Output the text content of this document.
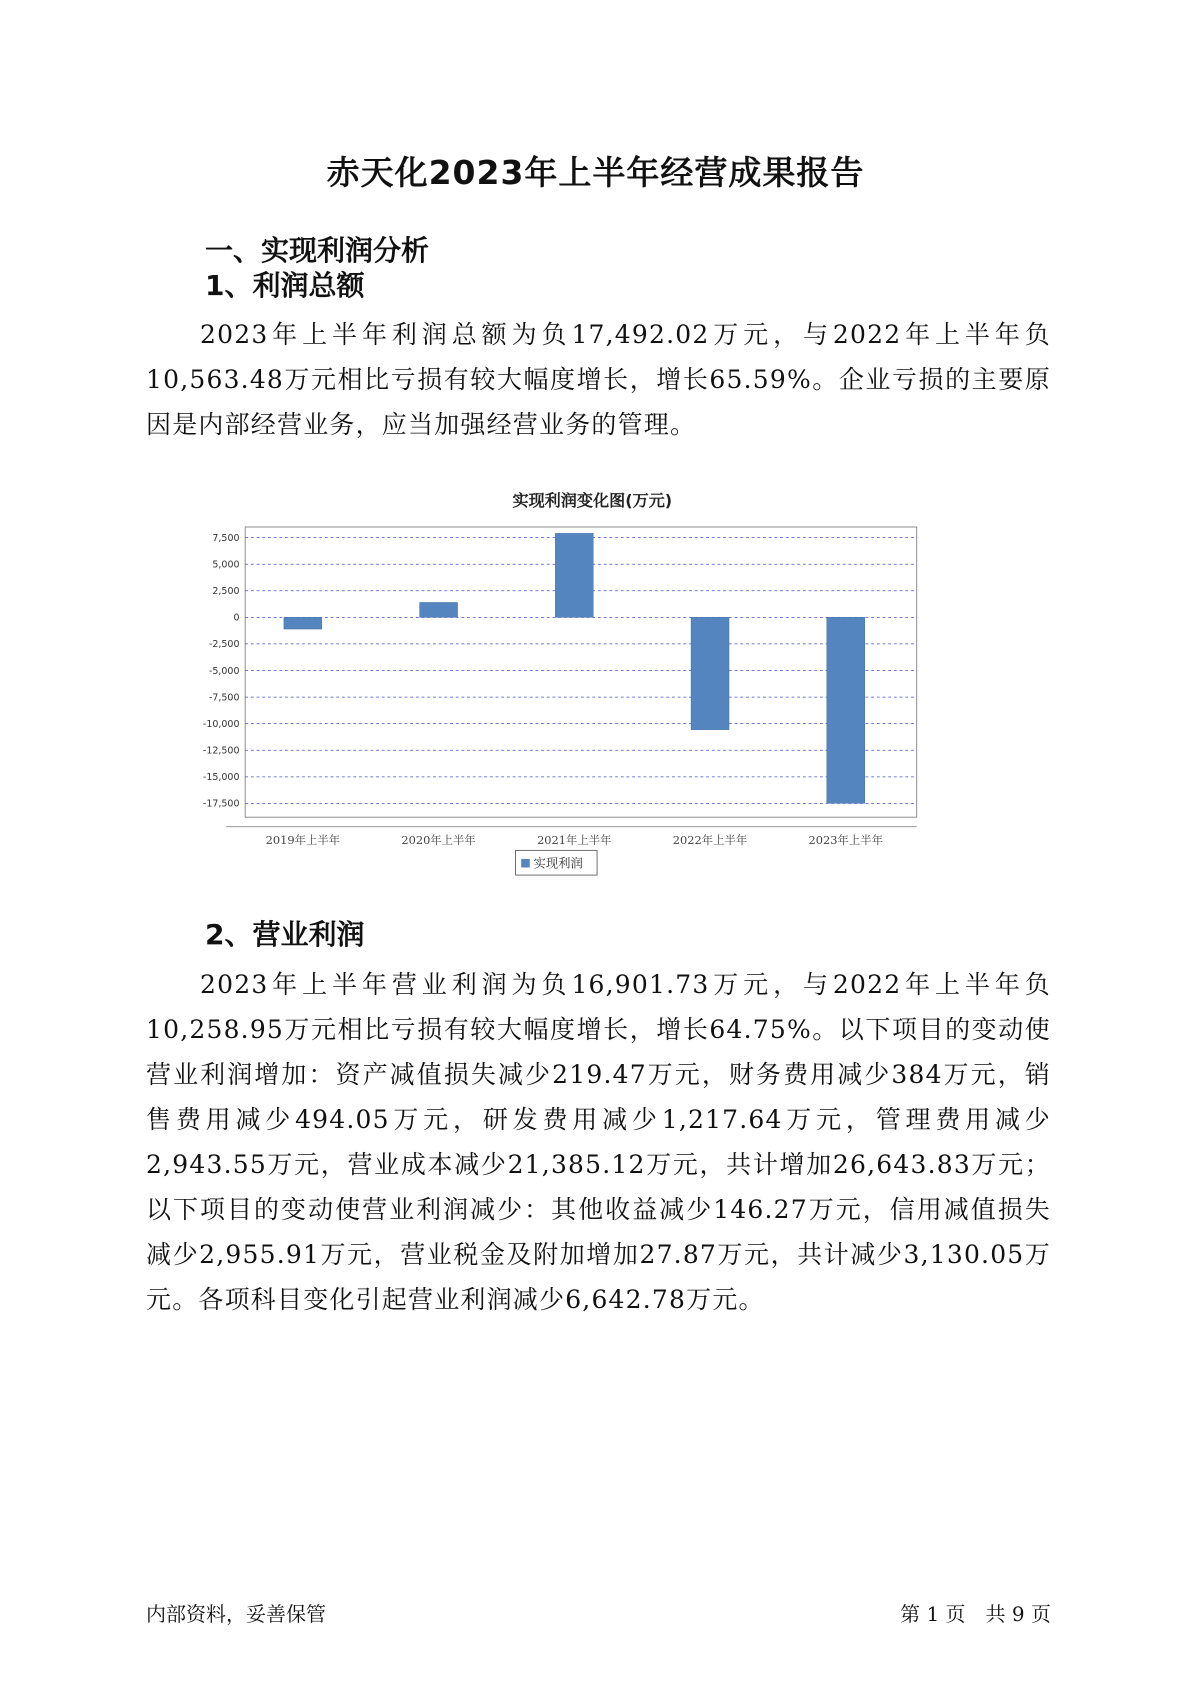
赤天化2023年上半年经营成果报告
一、实现利润分析
1、利润总额

2023年上半年利润总额为负17,492.02万元，与2022年上半年负10,563.48万元相比亏损有较大幅度增长，增长65.59%。企业亏损的主要原因是内部经营业务，应当加强经营业务的管理。

实现利润变化图(万元)
7,500
5,000
2,500
0
-2,500
-5,000
-7,500
-10,000
-12,500
-15,000
-17,500
2019年上半年	2020年上半年	2021年上半年	2022年上半年	2023年上半年
实现利润
2、营业利润

2023年上半年营业利润为负16,901.73万元，与2022年上半年负10,258.95万元相比亏损有较大幅度增长，增长64.75%。以下项目的变动使营业利润增加：资产减值损失减少219.47万元，财务费用减少384万元，销售费用减少494.05万元，研发费用减少1,217.64万元，管理费用减少2,943.55万元，营业成本减少21,385.12万元，共计增加26,643.83万元；以下项目的变动使营业利润减少：其他收益减少146.27万元，信用减值损失减少2,955.91万元，营业税金及附加增加27.87万元，共计减少3,130.05万元。各项科目变化引起营业利润减少6,642.78万元。

内部资料，妥善保管	第 1 页　共 9 页
